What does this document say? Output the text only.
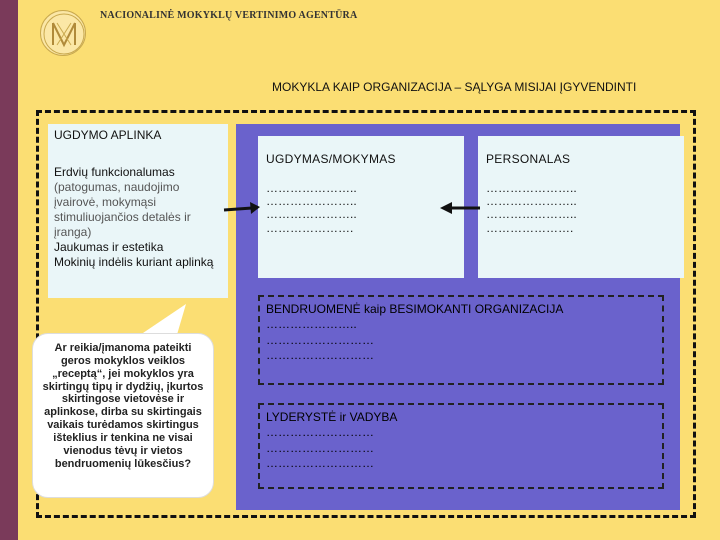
NACIONALINĖ MOKYKLŲ VERTINIMO AGENTŪRA
MOKYKLA KAIP ORGANIZACIJA – SĄLYGA MISIJAI ĮGYVENDINTI
UGDYMO APLINKA
Erdvių funkcionalumas
(patogumas, naudojimo įvairovė, mokymąsi stimuliuojančios detalės ir įranga)
Jaukumas ir estetika
Mokinių indėlis kuriant aplinką
UGDYMAS/MOKYMAS
…………………..
…………………..
…………………..
………………….
PERSONALAS
…………………..
…………………..
…………………..
………………….
BENDRUOMENĖ kaip BESIMOKANTI ORGANIZACIJA
…………………..
………………………
………………………
LYDERYSTĖ ir VADYBA
………………………
………………………
………………………
Ar reikia/įmanoma pateikti geros mokyklos veiklos „receptą“, jei mokyklos yra skirtingų tipų ir dydžių, įkurtos skirtingose vietovėse ir aplinkose, dirba su skirtingais vaikais turėdamos skirtingus išteklius ir tenkina ne visai vienodus tėvų ir vietos bendruomenių lūkesčius?
